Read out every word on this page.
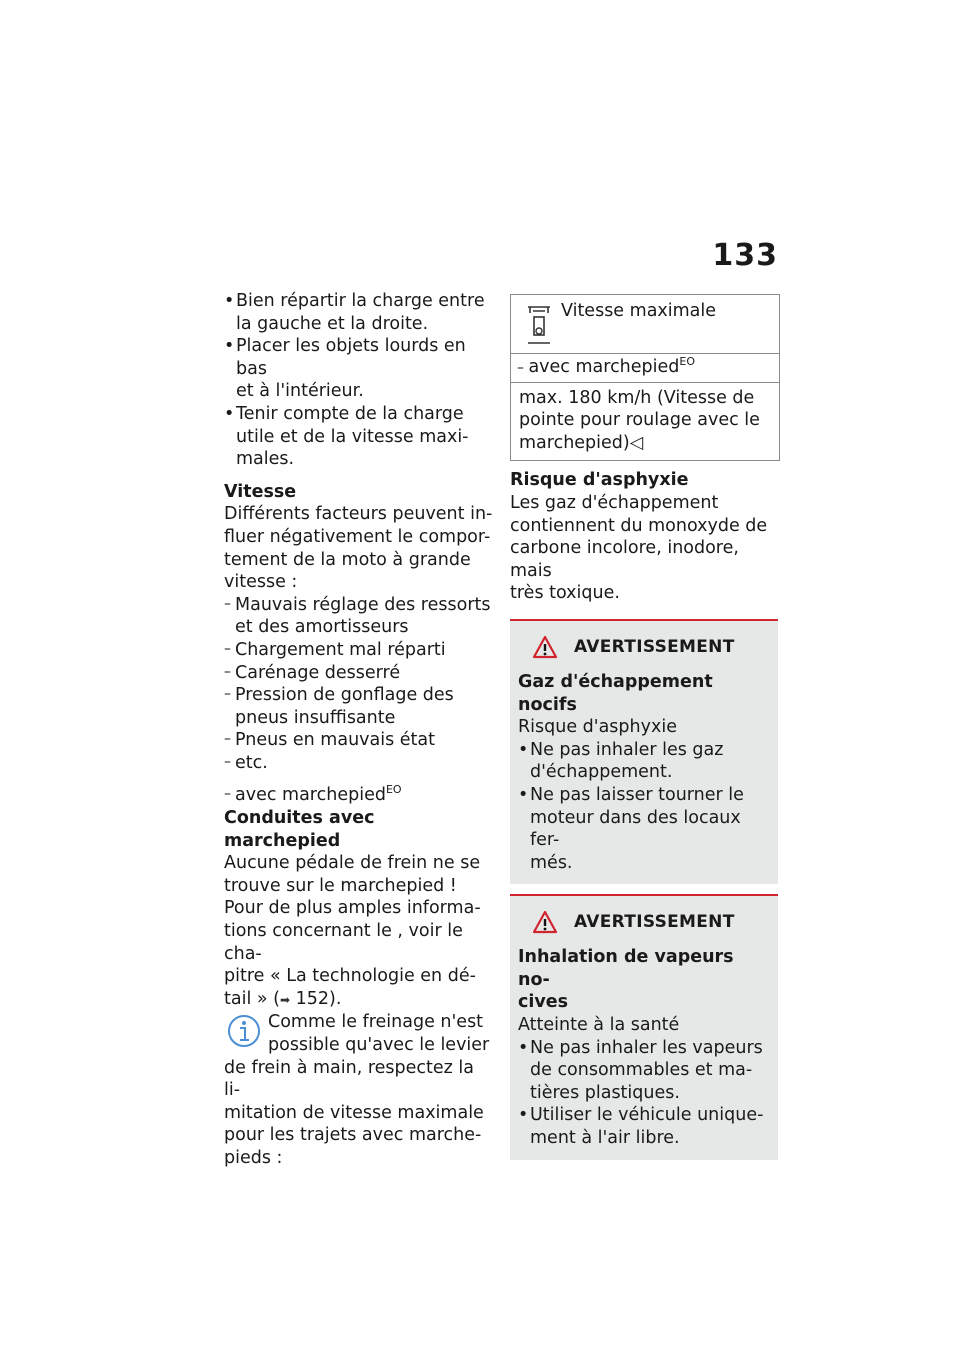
133
• Bien répartir la charge entre
la gauche et la droite.
• Placer les objets lourds en bas
et à l'intérieur.
• Tenir compte de la charge
utile et de la vitesse maxi-
males.
Vitesse
Différents facteurs peuvent in-
fluer négativement le compor-
tement de la moto à grande
vitesse :
– Mauvais réglage des ressorts
et des amortisseurs
– Chargement mal réparti
– Carénage desserré
– Pression de gonflage des
pneus insuffisante
– Pneus en mauvais état
– etc.
– avec marchepied$^{EO}$
Conduites avec marchepied
Aucune pédale de frein ne se
trouve sur le marchepied !
Pour de plus amples informa-
tions concernant le , voir le cha-
pitre « La technologie en dé-
tail » (➡ 152).
Comme le freinage n'est
possible qu'avec le levier
de frein à main, respectez la li-
mitation de vitesse maximale
pour les trajets avec marche-
pieds :
Vitesse maximale
– avec marchepied$^{EO}$
max. 180 km/h (Vitesse de
pointe pour roulage avec le
marchepied)◁
Risque d'asphyxie
Les gaz d'échappement
contiennent du monoxyde de
carbone incolore, inodore, mais
très toxique.
AVERTISSEMENT
Gaz d'échappement nocifs
Risque d'asphyxie
• Ne pas inhaler les gaz
d'échappement.
• Ne pas laisser tourner le
moteur dans des locaux fer-
més.
AVERTISSEMENT
Inhalation de vapeurs no-
cives
Atteinte à la santé
• Ne pas inhaler les vapeurs
de consommables et ma-
tières plastiques.
• Utiliser le véhicule unique-
ment à l'air libre.
